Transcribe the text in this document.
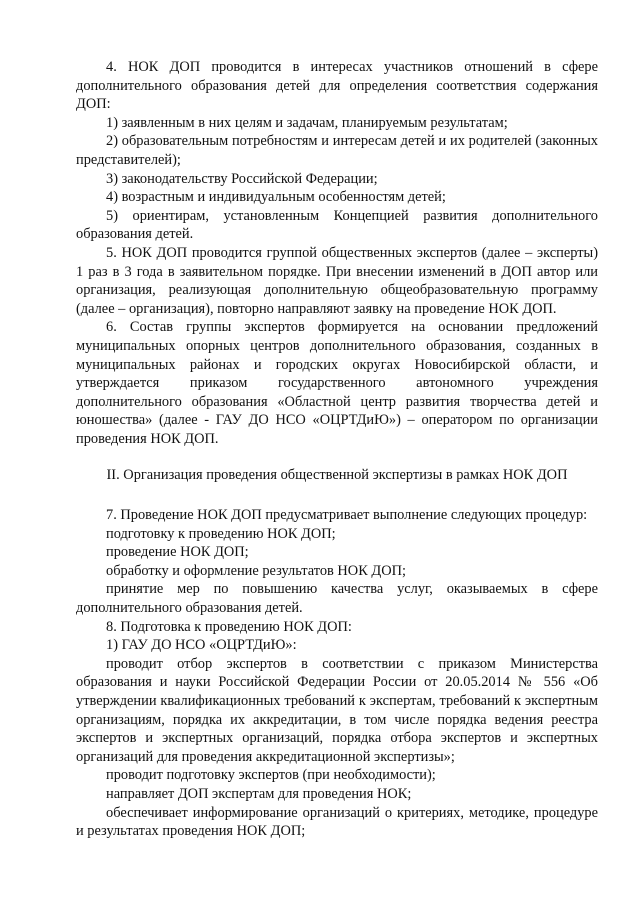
4. НОК ДОП проводится в интересах участников отношений в сфере дополнительного образования детей для определения соответствия содержания ДОП:

1) заявленным в них целям и задачам, планируемым результатам;

2) образовательным потребностям и интересам детей и их родителей (законных представителей);

3) законодательству Российской Федерации;

4) возрастным и индивидуальным особенностям детей;

5) ориентирам, установленным Концепцией развития дополнительного образования детей.

5. НОК ДОП проводится группой общественных экспертов (далее – эксперты) 1 раз в 3 года в заявительном порядке. При внесении изменений в ДОП автор или организация, реализующая дополнительную общеобразовательную программу (далее – организация), повторно направляют заявку на проведение НОК ДОП.

6. Состав группы экспертов формируется на основании предложений муниципальных опорных центров дополнительного образования, созданных в муниципальных районах и городских округах Новосибирской области, и утверждается приказом государственного автономного учреждения дополнительного образования «Областной центр развития творчества детей и юношества» (далее - ГАУ ДО НСО «ОЦРТДиЮ») – оператором по организации проведения НОК ДОП.

II. Организация проведения общественной экспертизы в рамках НОК ДОП

7. Проведение НОК ДОП предусматривает выполнение следующих процедур:

подготовку к проведению НОК ДОП;

проведение НОК ДОП;

обработку и оформление результатов НОК ДОП;

принятие мер по повышению качества услуг, оказываемых в сфере дополнительного образования детей.

8. Подготовка к проведению НОК ДОП:

1) ГАУ ДО НСО «ОЦРТДиЮ»:

проводит отбор экспертов в соответствии с приказом Министерства образования и науки Российской Федерации России от 20.05.2014 № 556 «Об утверждении квалификационных требований к экспертам, требований к экспертным организациям, порядка их аккредитации, в том числе порядка ведения реестра экспертов и экспертных организаций, порядка отбора экспертов и экспертных организаций для проведения аккредитационной экспертизы»;

проводит подготовку экспертов (при необходимости);

направляет ДОП экспертам для проведения НОК;

обеспечивает информирование организаций о критериях, методике, процедуре и результатах проведения НОК ДОП;
